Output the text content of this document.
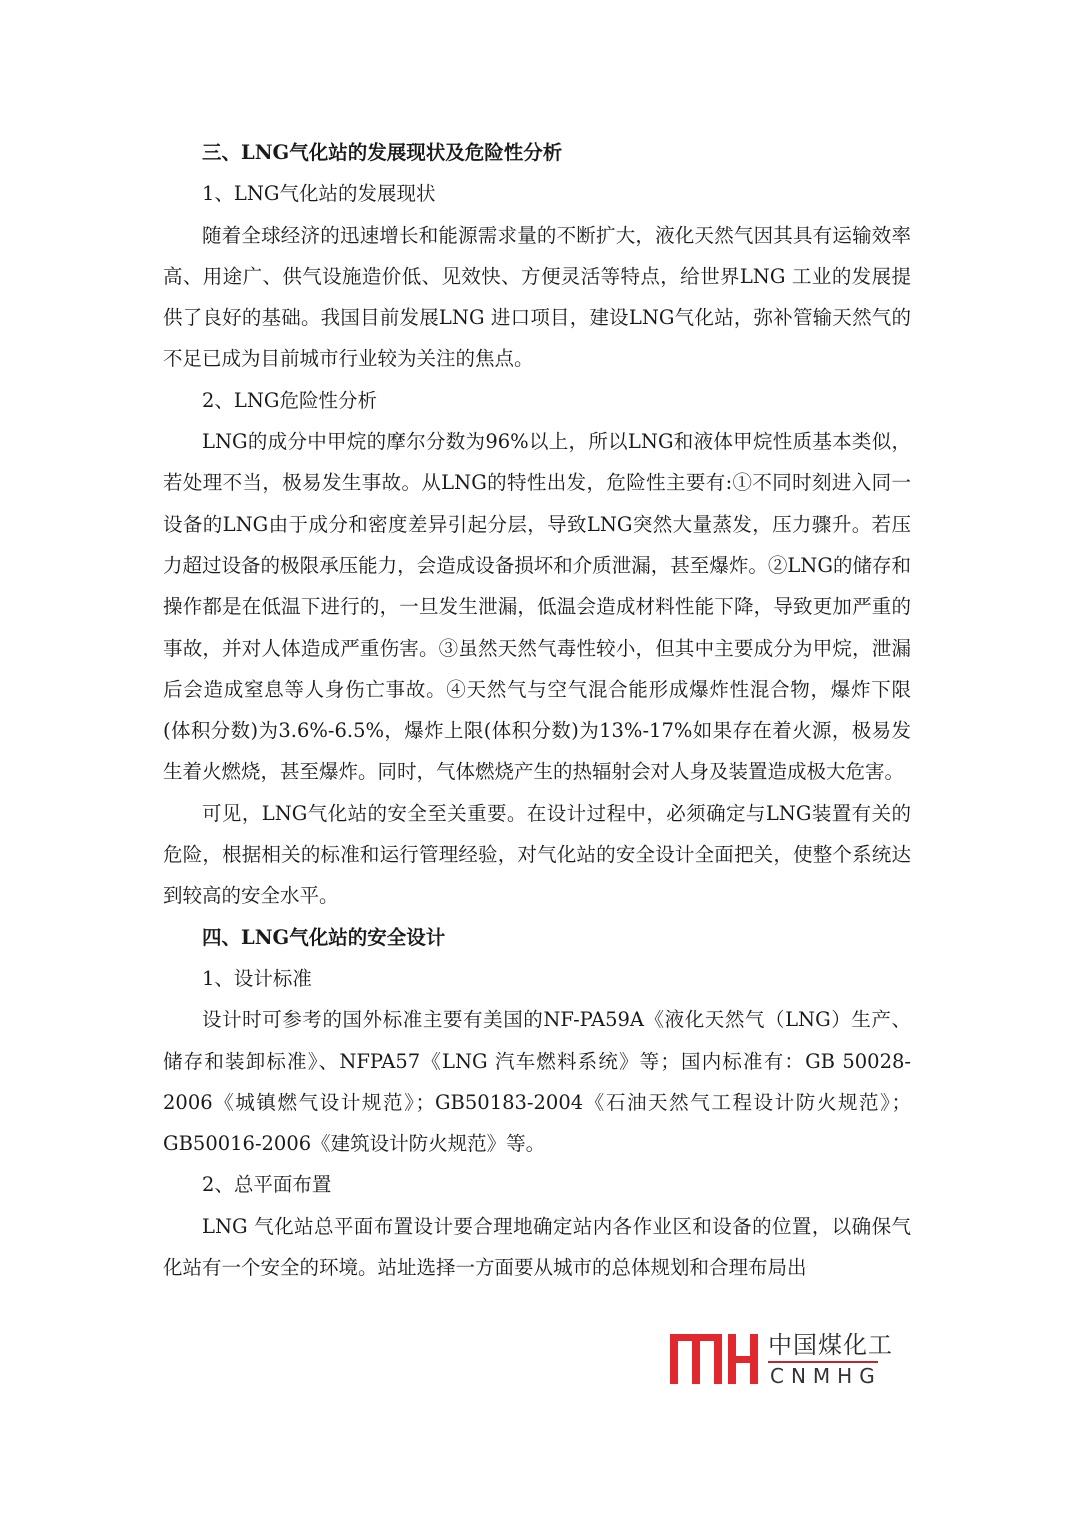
三、LNG气化站的发展现状及危险性分析

1、LNG气化站的发展现状

随着全球经济的迅速增长和能源需求量的不断扩大，液化天然气因其具有运输效率高、用途广、供气设施造价低、见效快、方便灵活等特点，给世界LNG 工业的发展提供了良好的基础。我国目前发展LNG 进口项目，建设LNG气化站，弥补管输天然气的不足已成为目前城市行业较为关注的焦点。

2、LNG危险性分析

LNG的成分中甲烷的摩尔分数为96%以上，所以LNG和液体甲烷性质基本类似，若处理不当，极易发生事故。从LNG的特性出发，危险性主要有:①不同时刻进入同一设备的LNG由于成分和密度差异引起分层，导致LNG突然大量蒸发，压力骤升。若压力超过设备的极限承压能力，会造成设备损坏和介质泄漏，甚至爆炸。②LNG的储存和操作都是在低温下进行的，一旦发生泄漏，低温会造成材料性能下降，导致更加严重的事故，并对人体造成严重伤害。③虽然天然气毒性较小，但其中主要成分为甲烷，泄漏后会造成窒息等人身伤亡事故。④天然气与空气混合能形成爆炸性混合物，爆炸下限(体积分数)为3.6%-6.5%，爆炸上限(体积分数)为13%-17%如果存在着火源，极易发生着火燃烧，甚至爆炸。同时，气体燃烧产生的热辐射会对人身及装置造成极大危害。

可见，LNG气化站的安全至关重要。在设计过程中，必须确定与LNG装置有关的危险，根据相关的标准和运行管理经验，对气化站的安全设计全面把关，使整个系统达到较高的安全水平。

四、LNG气化站的安全设计

1、设计标准

设计时可参考的国外标准主要有美国的NF-PA59A《液化天然气（LNG）生产、储存和装卸标准》、NFPA57《LNG 汽车燃料系统》等；国内标准有：GB 50028-2006《城镇燃气设计规范》；GB50183-2004《石油天然气工程设计防火规范》；GB50016-2006《建筑设计防火规范》等。

2、总平面布置

LNG 气化站总平面布置设计要合理地确定站内各作业区和设备的位置，以确保气化站有一个安全的环境。站址选择一方面要从城市的总体规划和合理布局出

中国煤化工
CNMHG
